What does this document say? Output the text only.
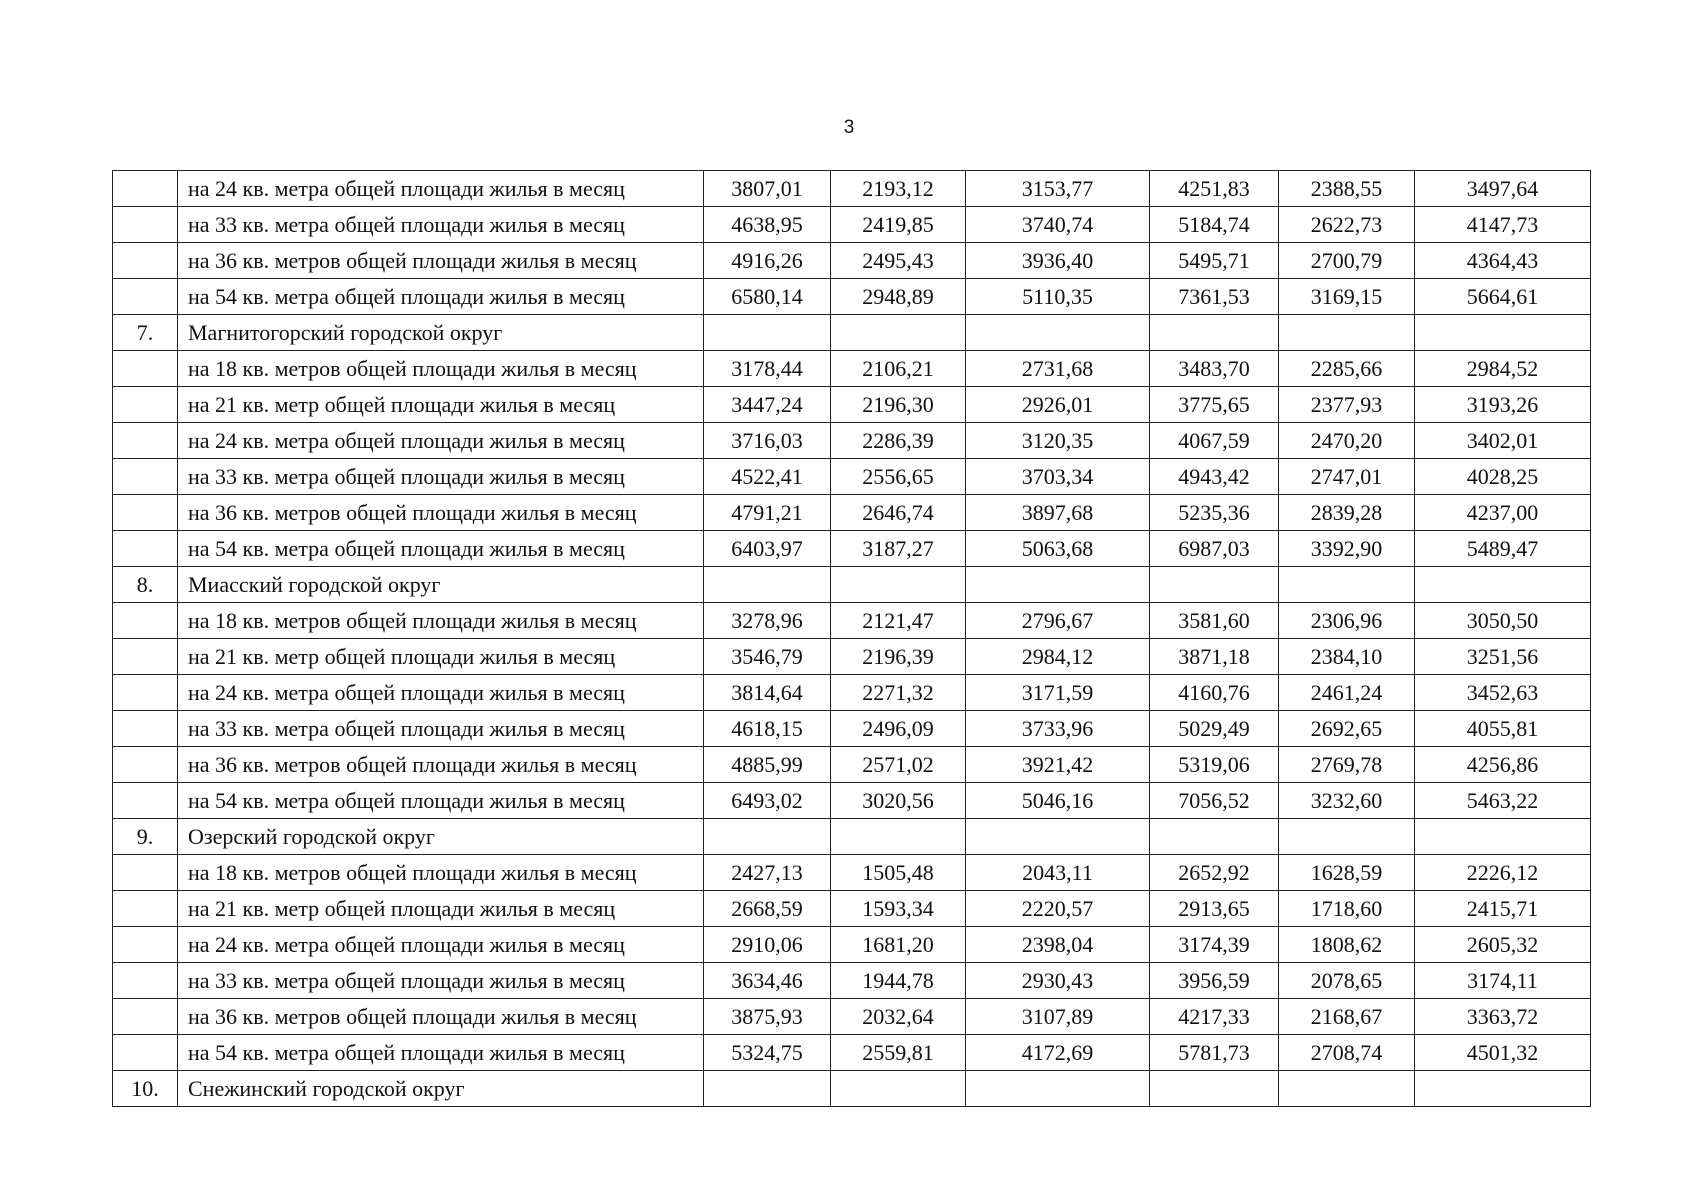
3
	на 24 кв. метра общей площади жилья в месяц	3807,01	2193,12	3153,77	4251,83	2388,55	3497,64
	на 33 кв. метра общей площади жилья в месяц	4638,95	2419,85	3740,74	5184,74	2622,73	4147,73
	на 36 кв. метров общей площади жилья в месяц	4916,26	2495,43	3936,40	5495,71	2700,79	4364,43
	на 54 кв. метра общей площади жилья в месяц	6580,14	2948,89	5110,35	7361,53	3169,15	5664,61
7.	Магнитогорский городской округ						
	на 18 кв. метров общей площади жилья в месяц	3178,44	2106,21	2731,68	3483,70	2285,66	2984,52
	на 21 кв. метр общей площади жилья в месяц	3447,24	2196,30	2926,01	3775,65	2377,93	3193,26
	на 24 кв. метра общей площади жилья в месяц	3716,03	2286,39	3120,35	4067,59	2470,20	3402,01
	на 33 кв. метра общей площади жилья в месяц	4522,41	2556,65	3703,34	4943,42	2747,01	4028,25
	на 36 кв. метров общей площади жилья в месяц	4791,21	2646,74	3897,68	5235,36	2839,28	4237,00
	на 54 кв. метра общей площади жилья в месяц	6403,97	3187,27	5063,68	6987,03	3392,90	5489,47
8.	Миасский городской округ						
	на 18 кв. метров общей площади жилья в месяц	3278,96	2121,47	2796,67	3581,60	2306,96	3050,50
	на 21 кв. метр общей площади жилья в месяц	3546,79	2196,39	2984,12	3871,18	2384,10	3251,56
	на 24 кв. метра общей площади жилья в месяц	3814,64	2271,32	3171,59	4160,76	2461,24	3452,63
	на 33 кв. метра общей площади жилья в месяц	4618,15	2496,09	3733,96	5029,49	2692,65	4055,81
	на 36 кв. метров общей площади жилья в месяц	4885,99	2571,02	3921,42	5319,06	2769,78	4256,86
	на 54 кв. метра общей площади жилья в месяц	6493,02	3020,56	5046,16	7056,52	3232,60	5463,22
9.	Озерский городской округ						
	на 18 кв. метров общей площади жилья в месяц	2427,13	1505,48	2043,11	2652,92	1628,59	2226,12
	на 21 кв. метр общей площади жилья в месяц	2668,59	1593,34	2220,57	2913,65	1718,60	2415,71
	на 24 кв. метра общей площади жилья в месяц	2910,06	1681,20	2398,04	3174,39	1808,62	2605,32
	на 33 кв. метра общей площади жилья в месяц	3634,46	1944,78	2930,43	3956,59	2078,65	3174,11
	на 36 кв. метров общей площади жилья в месяц	3875,93	2032,64	3107,89	4217,33	2168,67	3363,72
	на 54 кв. метра общей площади жилья в месяц	5324,75	2559,81	4172,69	5781,73	2708,74	4501,32
10.	Снежинский городской округ						
